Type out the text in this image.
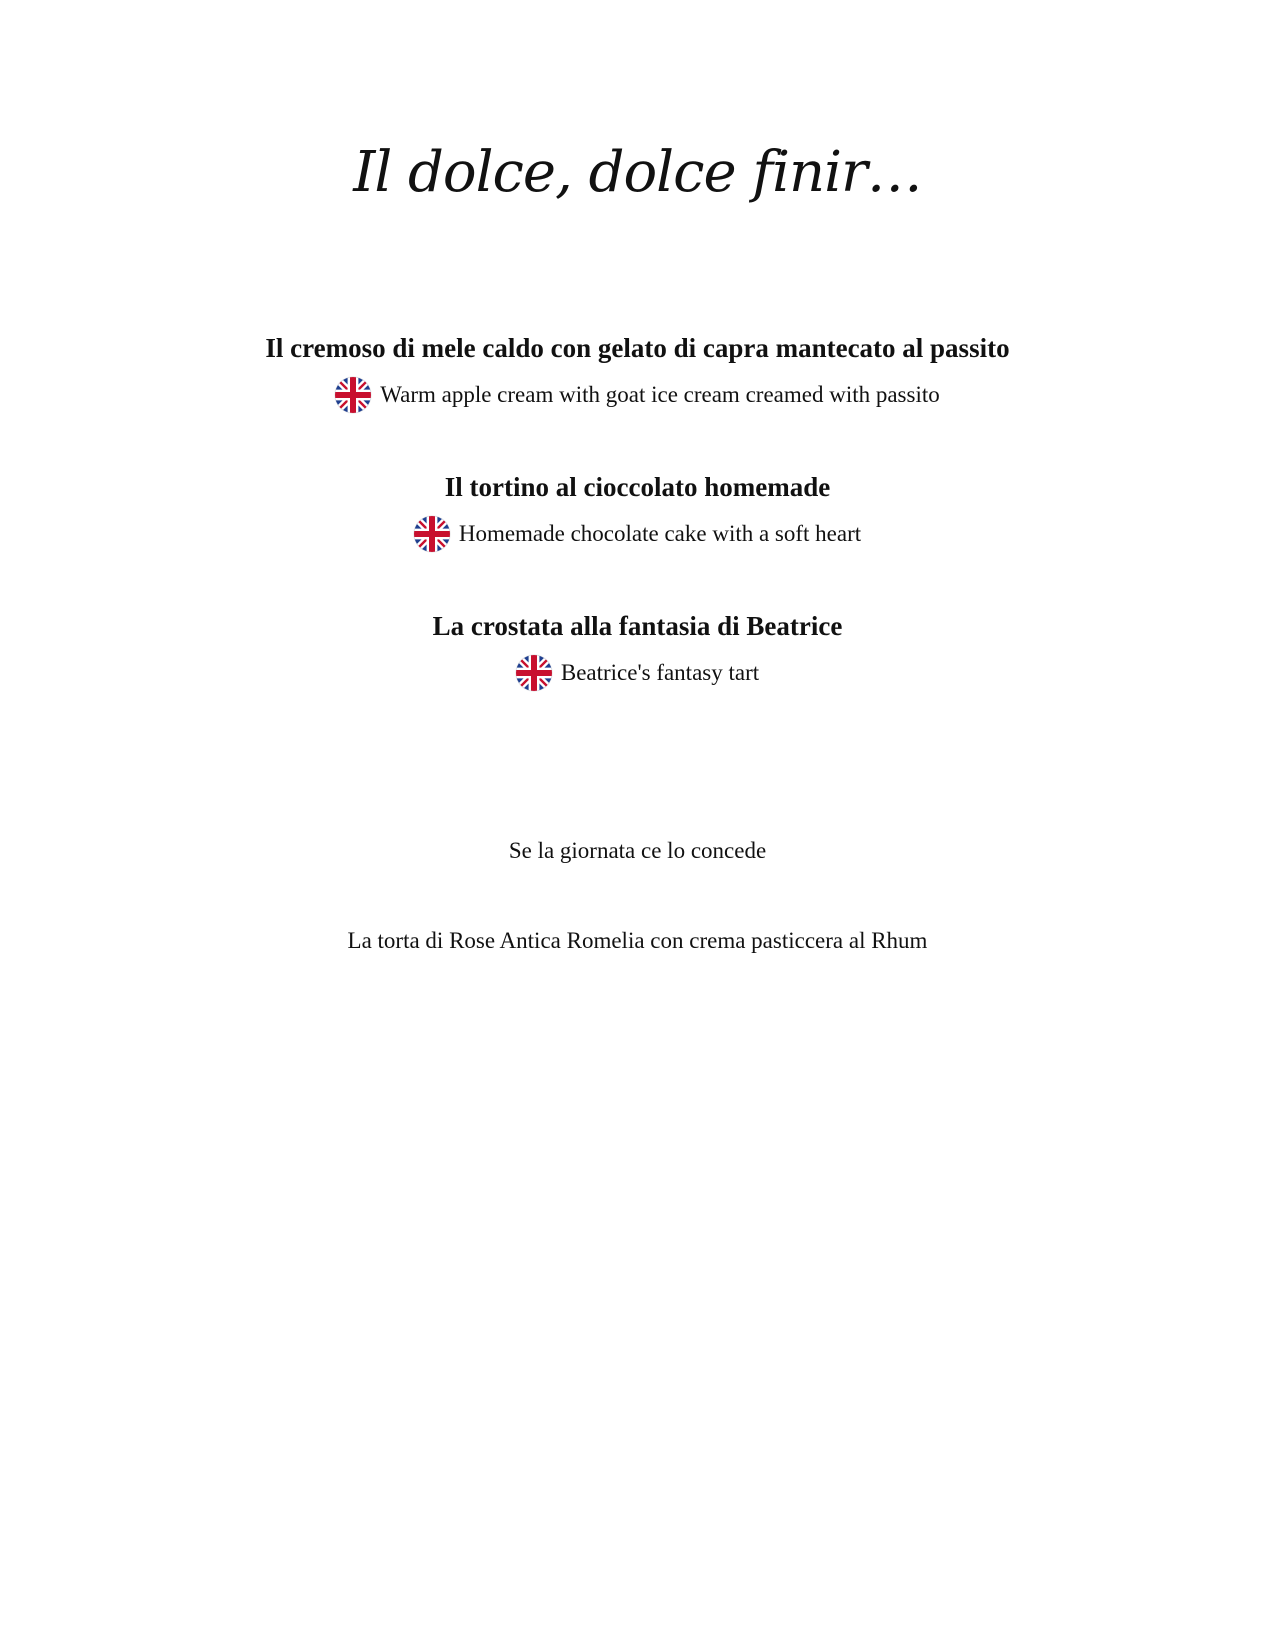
Il dolce, dolce finir…
Il cremoso di mele caldo con gelato di capra mantecato al passito
Warm apple cream with goat ice cream creamed with passito
Il tortino al cioccolato homemade
Homemade chocolate cake with a soft heart
La crostata alla fantasia di Beatrice
Beatrice's fantasy tart
Se la giornata ce lo concede
La torta di Rose Antica Romelia con crema pasticcera al Rhum
